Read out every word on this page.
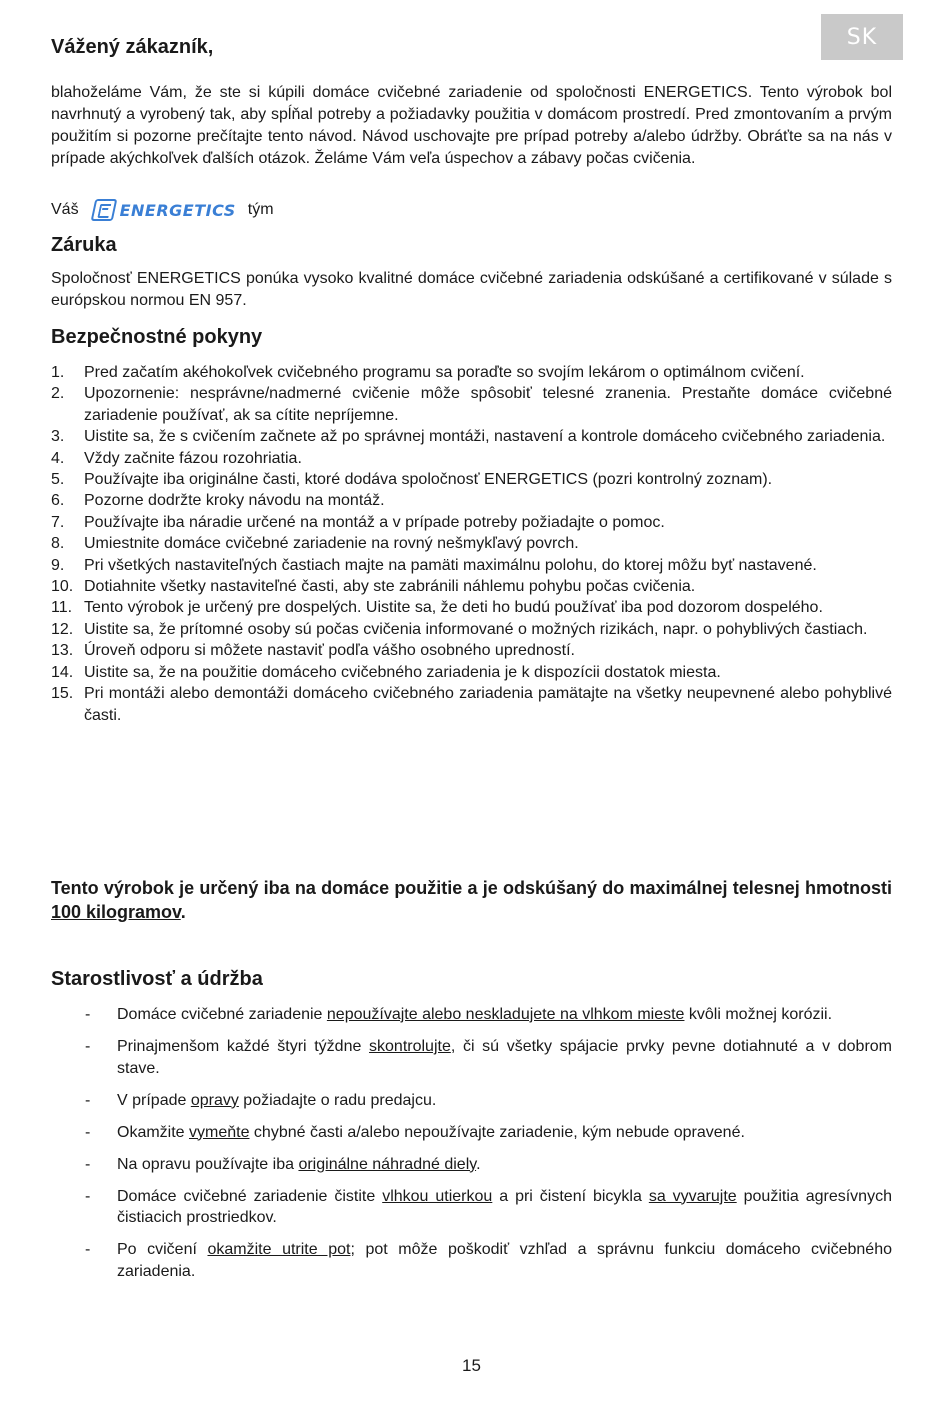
SK
Vážený zákazník,

blahoželáme Vám, že ste si kúpili domáce cvičebné zariadenie od spoločnosti ENERGETICS. Tento výrobok bol navrhnutý a vyrobený tak, aby spĺňal potreby a požiadavky použitia v domácom prostredí. Pred zmontovaním a prvým použitím si pozorne prečítajte tento návod. Návod uschovajte pre prípad potreby a/alebo údržby. Obráťte sa na nás v prípade akýchkoľvek ďalších otázok. Želáme Vám veľa úspechov a zábavy počas cvičenia.

Váš	ENERGETICS tým
Záruka

Spoločnosť ENERGETICS ponúka vysoko kvalitné domáce cvičebné zariadenia odskúšané a certifikované v súlade s európskou normou EN 957.

Bezpečnostné pokyny
1. Pred začatím akéhokoľvek cvičebného programu sa poraďte so svojím lekárom o optimálnom cvičení.
2. Upozornenie: nesprávne/nadmerné cvičenie môže spôsobiť telesné zranenia. Prestaňte domáce cvičebné zariadenie používať, ak sa cítite nepríjemne.
3. Uistite sa, že s cvičením začnete až po správnej montáži, nastavení a kontrole domáceho cvičebného zariadenia.
4. Vždy začnite fázou rozohriatia.
5. Používajte iba originálne časti, ktoré dodáva spoločnosť ENERGETICS (pozri kontrolný zoznam).
6. Pozorne dodržte kroky návodu na montáž.
7. Používajte iba náradie určené na montáž a v prípade potreby požiadajte o pomoc.
8. Umiestnite domáce cvičebné zariadenie na rovný nešmykľavý povrch.
9. Pri všetkých nastaviteľných častiach majte na pamäti maximálnu polohu, do ktorej môžu byť nastavené.
10. Dotiahnite všetky nastaviteľné časti, aby ste zabránili náhlemu pohybu počas cvičenia.
11. Tento výrobok je určený pre dospelých. Uistite sa, že deti ho budú používať iba pod dozorom dospelého.
12. Uistite sa, že prítomné osoby sú počas cvičenia informované o možných rizikách, napr. o pohyblivých častiach.
13. Úroveň odporu si môžete nastaviť podľa vášho osobného upredností.
14. Uistite sa, že na použitie domáceho cvičebného zariadenia je k dispozícii dostatok miesta.
15. Pri montáži alebo demontáži domáceho cvičebného zariadenia pamätajte na všetky neupevnené alebo pohyblivé časti.

Tento výrobok je určený iba na domáce použitie a je odskúšaný do maximálnej telesnej hmotnosti 100 kilogramov.

Starostlivosť a údržba
- Domáce cvičebné zariadenie nepoužívajte alebo neskladujete na vlhkom mieste kvôli možnej korózii.
- Prinajmenšom každé štyri týždne skontrolujte, či sú všetky spájacie prvky pevne dotiahnuté a v dobrom stave.
- V prípade opravy požiadajte o radu predajcu.
- Okamžite vymeňte chybné časti a/alebo nepoužívajte zariadenie, kým nebude opravené.
- Na opravu používajte iba originálne náhradné diely.
- Domáce cvičebné zariadenie čistite vlhkou utierkou a pri čistení bicykla sa vyvarujte použitia agresívnych čistiacich prostriedkov.
- Po cvičení okamžite utrite pot; pot môže poškodiť vzhľad a správnu funkciu domáceho cvičebného zariadenia.
15
